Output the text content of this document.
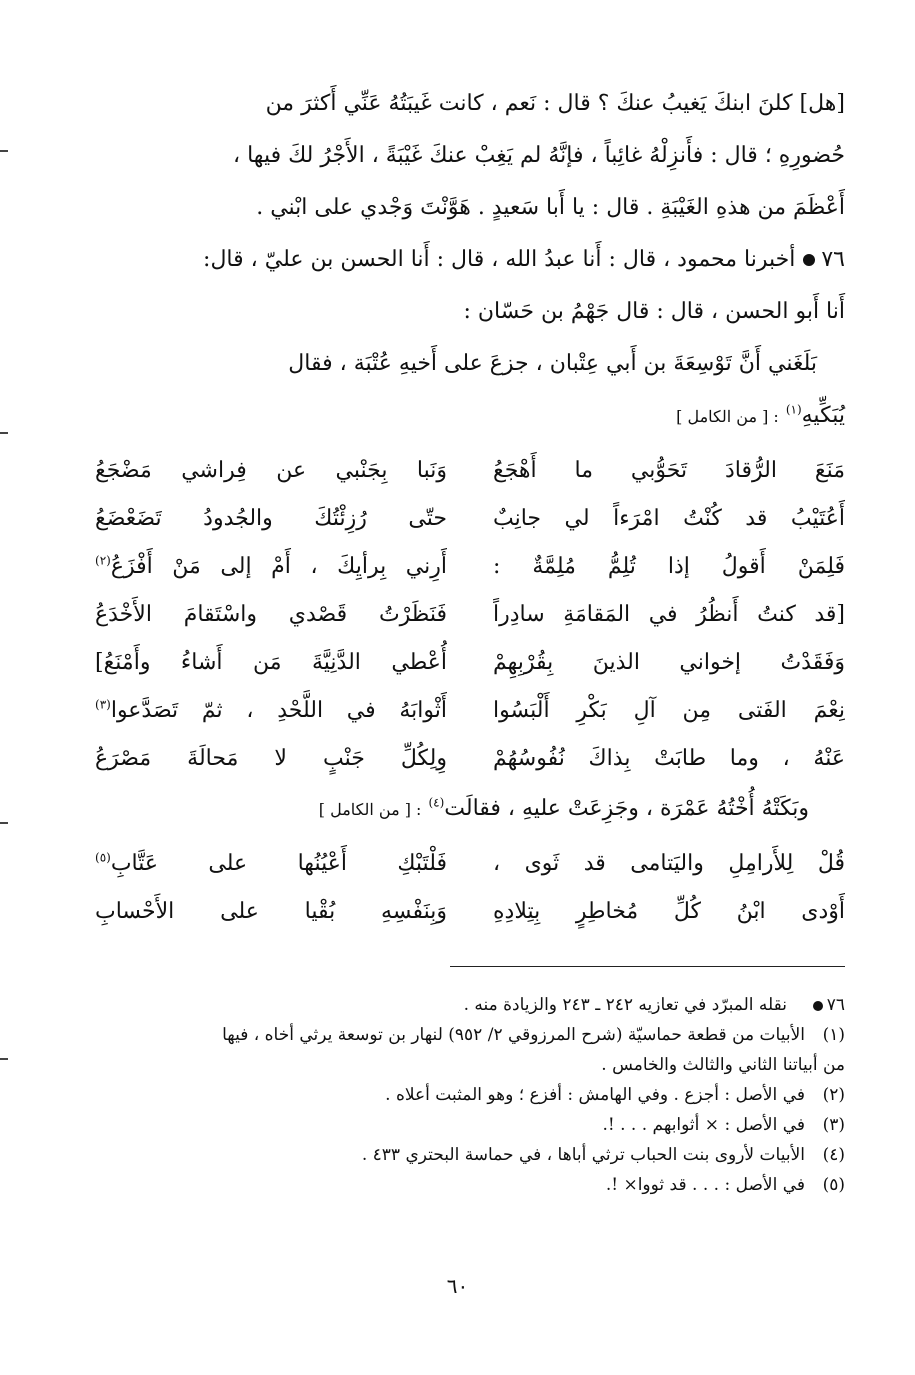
[هل] كلنَ ابنكَ يَغيبُ عنكَ ؟ قال : نَعم ، كانت غَيبَتُهُ عَنِّي أَكثرَ من

حُضورِهِ ؛ قال : فأَنزِلْهُ غائِباً ، فإنَّهُ لم يَغِبْ عنكَ غَيْبَةً ، الأَجْرُ لكَ فيها ،

أَعْظَمَ من هذهِ الغَيْبَةِ . قال : يا أَبا سَعيدٍ . هَوَّنْتَ وَجْدي على ابْني .

٧٦أخبرنا محمود ، قال : أَنا عبدُ الله ، قال : أَنا الحسن بن عليّ ، قال:

أَنا أَبو الحسن ، قال : قال جَهْمُ بن حَسّان :

بَلَغَني أَنَّ تَوْسِعَةَ بن أَبي عِتْبان ، جزعَ على أَخيهِ عُتْبَة ، فقال

يُبَكِّيهِ$^{(١)}$ : [ من الكامل ]

مَنَعَ الرُّقادَ تَحَوُّبي ما أَهْجَعُ
وَنَبا بِجَنْبي عن فِراشي مَضْجَعُ
أَعُتَيْبُ قد كُنْتُ امْرَءاً لي جانِبٌ
حتّى رُزِئْتُكَ والجُدودُ تَضَعْضَعُ
فَلِمَنْ أَقولُ إذا تُلِمُّ مُلِمَّةٌ :
أَرِني بِرأيِكَ ، أَمْ إلى مَنْ أَفْزَعُ$^{(٢)}$
[قد كنتُ أَنظُرُ في المَقامَةِ سادِراً
فَنَظَرْتُ قَصْدي واسْتَقامَ الأَخْدَعُ
وَفَقَدْتُ إخواني الذينَ بِقُرْبِهِمْ
أُعْطي الدَّنِيَّةَ مَن أَشاءُ وأَمْنَعُ]
نِعْمَ الفَتى مِن آلِ بَكْرِ أَلْبَسُوا
أَثْوابَهُ في اللَّحْدِ ، ثمّ تَصَدَّعوا$^{(٣)}$
عَنْهُ ، وما طابَتْ بِذاكَ نُفُوسُهُمْ
وِلِكُلِّ جَنْبٍ لا مَحالَةَ مَصْرَعُ
وبَكَتْهُ أُخْتُهُ عَمْرَة ، وجَزِعَتْ عليهِ ، فقالَت$^{(٤)}$ : [ من الكامل ]
قُلْ لِلأَرامِلِ واليَتامى قد ثَوى ،
فَلْتَبْكِ أَعْيُنُها على عَتَّابِ$^{(٥)}$
أَوْدى ابْنُ كُلِّ مُخاطِرٍ بِتِلادِهِ
وَبِنَفْسِهِ بُقْيا على الأَحْسابِ

٧٦نقله المبرّد في تعازيه ٢٤٢ ـ ٢٤٣ والزيادة منه .

(١)الأبيات من قطعة حماسيّة (شرح المرزوقي ٢/ ٩٥٢) لنهار بن توسعة يرثي أخاه ، فيها

من أبياتنا الثاني والثالث والخامس .

(٢)في الأصل : أجزع . وفي الهامش : أفزع ؛ وهو المثبت أعلاه .

(٣)في الأصل : × أثوابهم . . . !.

(٤)الأبيات لأروى بنت الحباب ترثي أباها ، في حماسة البحتري ٤٣٣ .

(٥)في الأصل : . . . قد ثووا× !.

٦٠
